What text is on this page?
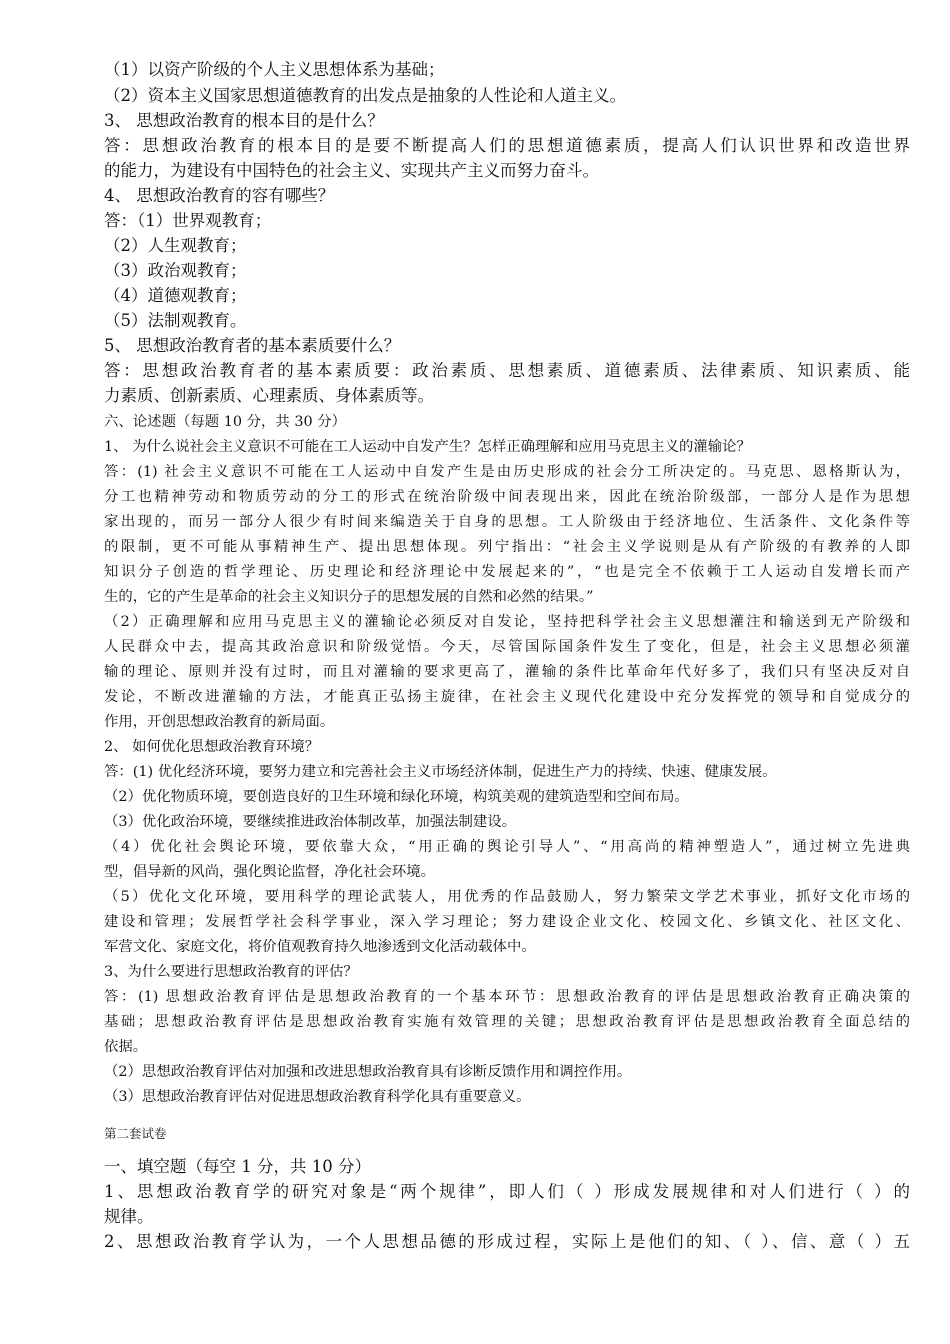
（1）以资产阶级的个人主义思想体系为基础；
（2）资本主义国家思想道德教育的出发点是抽象的人性论和人道主义。
3、 思想政治教育的根本目的是什么？
答：思想政治教育的根本目的是要不断提高人们的思想道德素质，提高人们认识世界和改造世界
的能力，为建设有中国特色的社会主义、实现共产主义而努力奋斗。
4、 思想政治教育的容有哪些？
答：（1）世界观教育；
（2）人生观教育；
（3）政治观教育；
（4）道德观教育；
（5）法制观教育。
5、 思想政治教育者的基本素质要什么？
答：思想政治教育者的基本素质要：政治素质、思想素质、道德素质、法律素质、知识素质、能
力素质、创新素质、心理素质、身体素质等。
六、论述题（每题 10 分，共 30 分）
1、 为什么说社会主义意识不可能在工人运动中自发产生？怎样正确理解和应用马克思主义的灌输论？
答：(1) 社会主义意识不可能在工人运动中自发产生是由历史形成的社会分工所决定的。马克思、恩格斯认为，
分工也精神劳动和物质劳动的分工的形式在统治阶级中间表现出来，因此在统治阶级部，一部分人是作为思想
家出现的，而另一部分人很少有时间来编造关于自身的思想。工人阶级由于经济地位、生活条件、文化条件等
的限制，更不可能从事精神生产、提出思想体现。列宁指出：“社会主义学说则是从有产阶级的有教养的人即
知识分子创造的哲学理论、历史理论和经济理论中发展起来的”，“也是完全不依赖于工人运动自发增长而产
生的，它的产生是革命的社会主义知识分子的思想发展的自然和必然的结果。”
（2）正确理解和应用马克思主义的灌输论必须反对自发论，坚持把科学社会主义思想灌注和输送到无产阶级和
人民群众中去，提高其政治意识和阶级觉悟。今天，尽管国际国条件发生了变化，但是，社会主义思想必须灌
输的理论、原则并没有过时，而且对灌输的要求更高了，灌输的条件比革命年代好多了，我们只有坚决反对自
发论，不断改进灌输的方法，才能真正弘扬主旋律，在社会主义现代化建设中充分发挥党的领导和自觉成分的
作用，开创思想政治教育的新局面。
2、 如何优化思想政治教育环境？
答：(1) 优化经济环境，要努力建立和完善社会主义市场经济体制，促进生产力的持续、快速、健康发展。
（2）优化物质环境，要创造良好的卫生环境和绿化环境，构筑美观的建筑造型和空间布局。
（3）优化政治环境，要继续推进政治体制改革，加强法制建设。
（4）优化社会舆论环境，要依靠大众，“用正确的舆论引导人”、“用高尚的精神塑造人”，通过树立先进典
型，倡导新的风尚，强化舆论监督，净化社会环境。
（5）优化文化环境，要用科学的理论武装人，用优秀的作品鼓励人，努力繁荣文学艺术事业，抓好文化市场的
建设和管理；发展哲学社会科学事业，深入学习理论；努力建设企业文化、校园文化、乡镇文化、社区文化、
军营文化、家庭文化，将价值观教育持久地渗透到文化活动载体中。
3、为什么要进行思想政治教育的评估？
答：(1) 思想政治教育评估是思想政治教育的一个基本环节：思想政治教育的评估是思想政治教育正确决策的
基础；思想政治教育评估是思想政治教育实施有效管理的关键；思想政治教育评估是思想政治教育全面总结的
依据。
（2）思想政治教育评估对加强和改进思想政治教育具有诊断反馈作用和调控作用。
（3）思想政治教育评估对促进思想政治教育科学化具有重要意义。
第二套试卷
一、填空题（每空 1 分，共 10 分）
1、思想政治教育学的研究对象是“两个规律”，即人们（ ）形成发展规律和对人们进行（ ）的
规律。
2、思想政治教育学认为，一个人思想品德的形成过程，实际上是他们的知、（ ）、信、意（ ）五
